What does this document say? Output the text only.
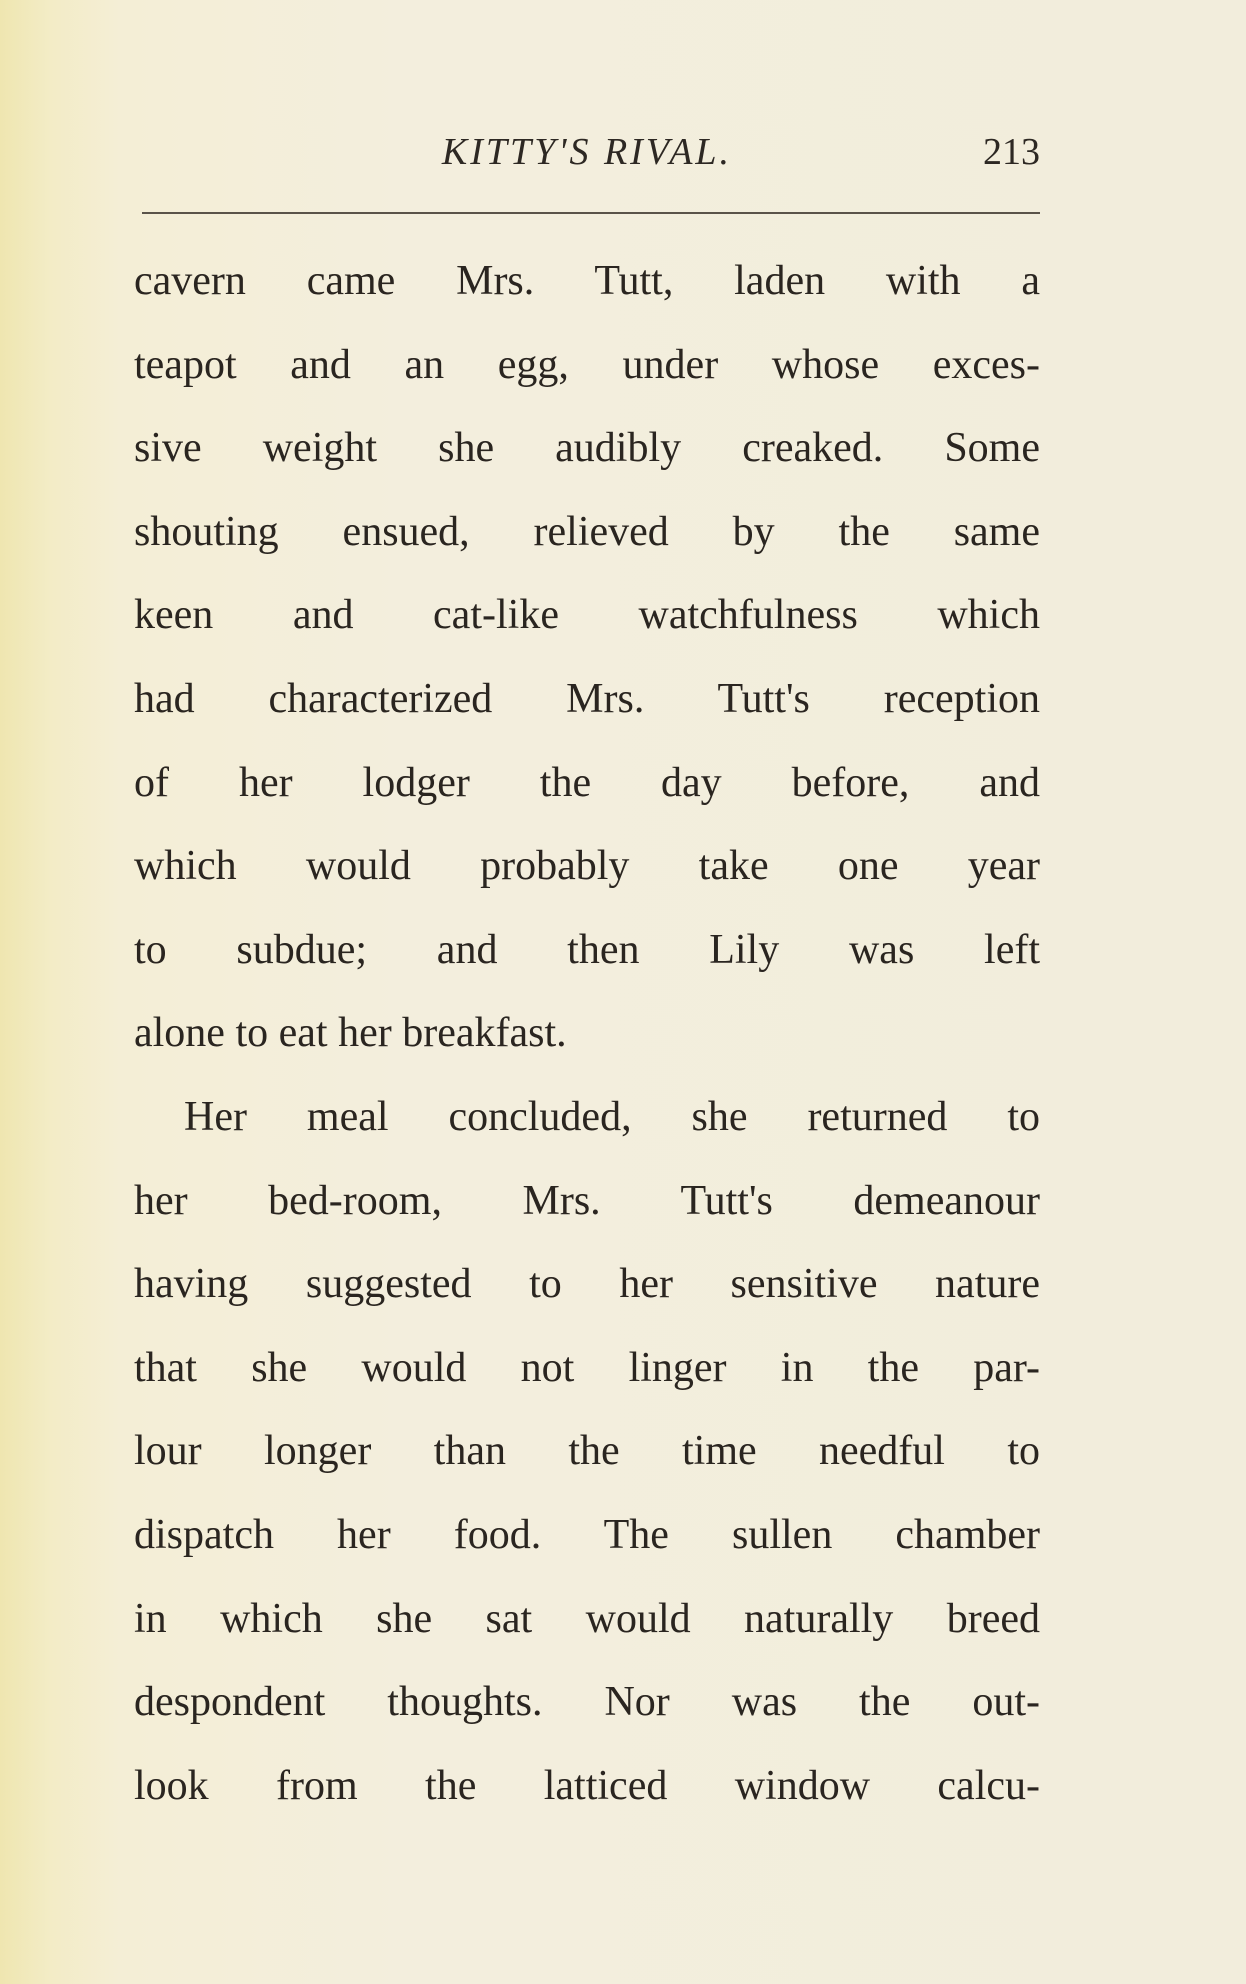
KITTY'S RIVAL.	213
cavern came Mrs. Tutt, laden with a
teapot and an egg, under whose exces-
sive weight she audibly creaked. Some
shouting ensued, relieved by the same
keen and cat-like watchfulness which
had characterized Mrs. Tutt's reception
of her lodger the day before, and
which would probably take one year
to subdue; and then Lily was left
alone to eat her breakfast.
Her meal concluded, she returned to
her bed-room, Mrs. Tutt's demeanour
having suggested to her sensitive nature
that she would not linger in the par-
lour longer than the time needful to
dispatch her food. The sullen chamber
in which she sat would naturally breed
despondent thoughts. Nor was the out-
look from the latticed window calcu-
